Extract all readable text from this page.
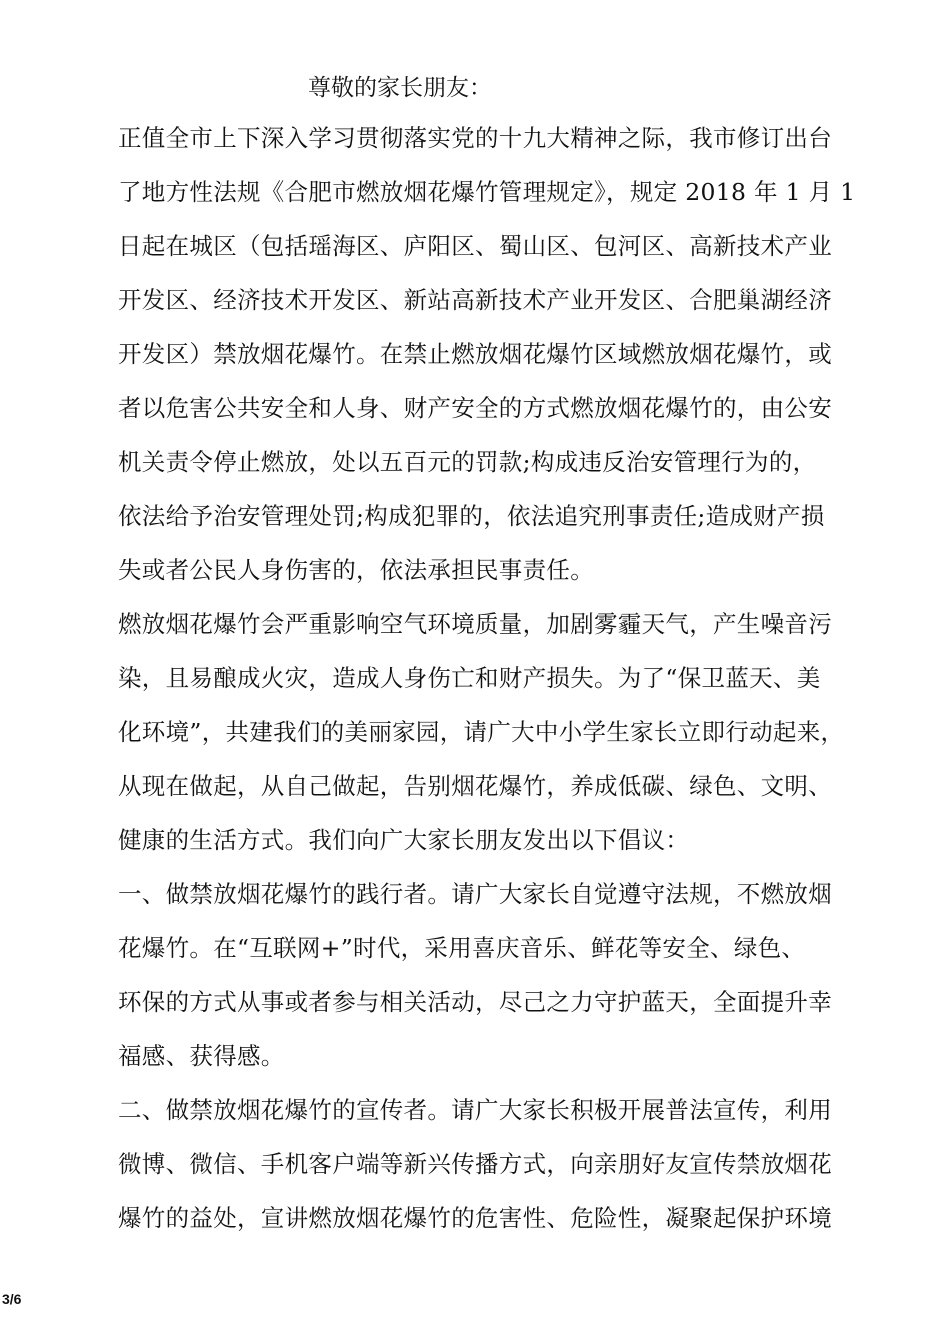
尊敬的家长朋友：
正值全市上下深入学习贯彻落实党的十九大精神之际，我市修订出台
了地方性法规《合肥市燃放烟花爆竹管理规定》，规定 2018 年 1 月 1
日起在城区（包括瑶海区、庐阳区、蜀山区、包河区、高新技术产业
开发区、经济技术开发区、新站高新技术产业开发区、合肥巢湖经济
开发区）禁放烟花爆竹。在禁止燃放烟花爆竹区域燃放烟花爆竹，或
者以危害公共安全和人身、财产安全的方式燃放烟花爆竹的，由公安
机关责令停止燃放，处以五百元的罚款;构成违反治安管理行为的，
依法给予治安管理处罚;构成犯罪的，依法追究刑事责任;造成财产损
失或者公民人身伤害的，依法承担民事责任。
燃放烟花爆竹会严重影响空气环境质量，加剧雾霾天气，产生噪音污
染，且易酿成火灾，造成人身伤亡和财产损失。为了“保卫蓝天、美
化环境”，共建我们的美丽家园，请广大中小学生家长立即行动起来，
从现在做起，从自己做起，告别烟花爆竹，养成低碳、绿色、文明、
健康的生活方式。我们向广大家长朋友发出以下倡议：
一、做禁放烟花爆竹的践行者。请广大家长自觉遵守法规，不燃放烟
花爆竹。在“互联网+”时代，采用喜庆音乐、鲜花等安全、绿色、
环保的方式从事或者参与相关活动，尽己之力守护蓝天，全面提升幸
福感、获得感。
二、做禁放烟花爆竹的宣传者。请广大家长积极开展普法宣传，利用
微博、微信、手机客户端等新兴传播方式，向亲朋好友宣传禁放烟花
爆竹的益处，宣讲燃放烟花爆竹的危害性、危险性，凝聚起保护环境
3/6
